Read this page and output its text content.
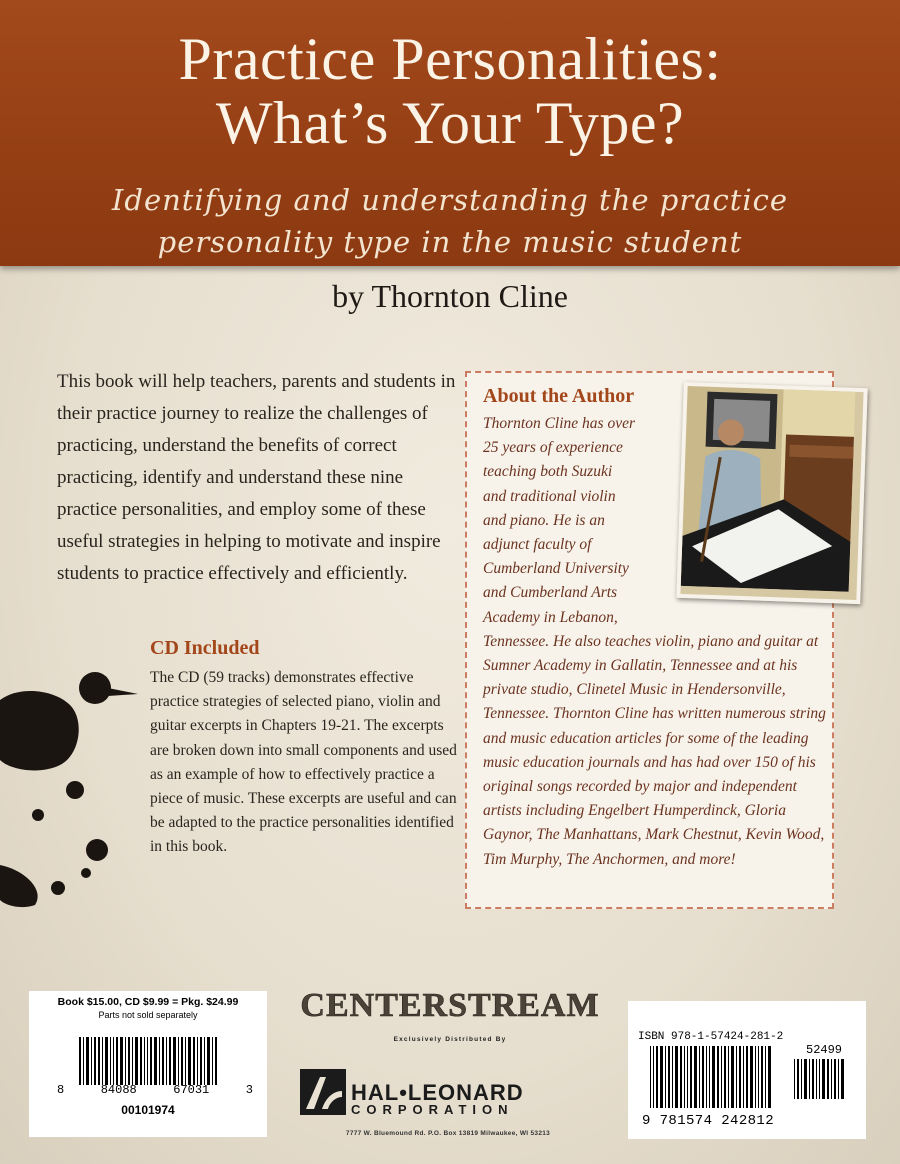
Practice Personalities:
What’s Your Type?
Identifying and understanding the practice
personality type in the music student
by Thornton Cline
This book will help teachers, parents and students in their practice journey to realize the challenges of practicing, understand the benefits of correct practicing, identify and understand these nine practice personalities, and employ some of these useful strategies in helping to motivate and inspire students to practice effectively and efficiently.
CD Included
The CD (59 tracks) demonstrates effective practice strategies of selected piano, violin and guitar excerpts in Chapters 19-21. The excerpts are broken down into small components and used as an example of how to effectively practice a piece of music. These excerpts are useful and can be adapted to the practice personalities identified in this book.
About the Author
Thornton Cline has over 25 years of experience teaching both Suzuki and traditional violin and piano. He is an adjunct faculty of Cumberland University and Cumberland Arts Academy in Lebanon, Tennessee. He also teaches violin, piano and guitar at Sumner Academy in Gallatin, Tennessee and at his private studio, Clinetel Music in Hendersonville, Tennessee. Thornton Cline has written numerous string and music education articles for some of the leading music education journals and has had over 150 of his original songs recorded by major and independent artists including Engelbert Humperdinck, Gloria Gaynor, The Manhattans, Mark Chestnut, Kevin Wood, Tim Murphy, The Anchormen, and more!
Book $15.00, CD $9.99 = Pkg. $24.99
Parts not sold separately
8	84088	67031	3
00101974
CENTERSTREAM
Exclusively Distributed By
HAL•LEONARD
CORPORATION
7777 W. Bluemound Rd. P.O. Box 13819 Milwaukee, WI 53213
ISBN 978-1-57424-281-2
52499
9 781574 242812
